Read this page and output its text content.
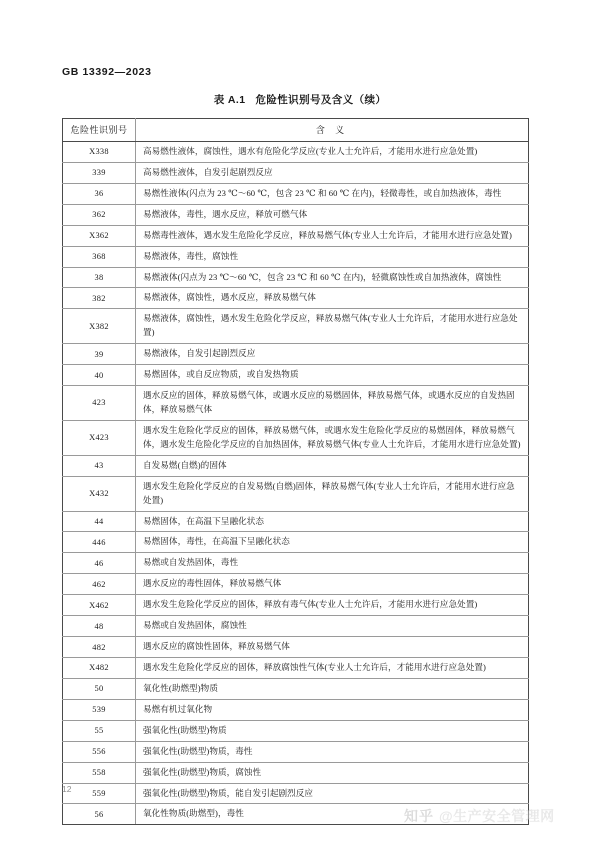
GB 13392—2023
表 A.1 危险性识别号及含义（续）
危险性识别号	含 义
X338	高易燃性液体，腐蚀性，遇水有危险化学反应(专业人士允许后，才能用水进行应急处置)
339	高易燃性液体，自发引起剧烈反应
36	易燃性液体(闪点为 23 ℃～60 ℃，包含 23 ℃ 和 60 ℃ 在内)，轻微毒性，或自加热液体，毒性
362	易燃液体，毒性，遇水反应，释放可燃气体
X362	易燃毒性液体，遇水发生危险化学反应，释放易燃气体(专业人士允许后，才能用水进行应急处置)
368	易燃液体，毒性，腐蚀性
38	易燃液体(闪点为 23 ℃～60 ℃，包含 23 ℃ 和 60 ℃ 在内)，轻微腐蚀性或自加热液体，腐蚀性
382	易燃液体，腐蚀性，遇水反应，释放易燃气体
X382	易燃液体，腐蚀性，遇水发生危险化学反应，释放易燃气体(专业人士允许后，才能用水进行应急处置)
39	易燃液体，自发引起剧烈反应
40	易燃固体，或自反应物质，或自发热物质
423	遇水反应的固体，释放易燃气体，或遇水反应的易燃固体，释放易燃气体，或遇水反应的自发热固体，释放易燃气体
X423	遇水发生危险化学反应的固体，释放易燃气体，或遇水发生危险化学反应的易燃固体，释放易燃气体，遇水发生危险化学反应的自加热固体，释放易燃气体(专业人士允许后，才能用水进行应急处置)
43	自发易燃(自燃)的固体
X432	遇水发生危险化学反应的自发易燃(自燃)固体，释放易燃气体(专业人士允许后，才能用水进行应急处置)
44	易燃固体，在高温下呈融化状态
446	易燃固体，毒性，在高温下呈融化状态
46	易燃或自发热固体，毒性
462	遇水反应的毒性固体，释放易燃气体
X462	遇水发生危险化学反应的固体，释放有毒气体(专业人士允许后，才能用水进行应急处置)
48	易燃或自发热固体，腐蚀性
482	遇水反应的腐蚀性固体，释放易燃气体
X482	遇水发生危险化学反应的固体，释放腐蚀性气体(专业人士允许后，才能用水进行应急处置)
50	氧化性(助燃型)物质
539	易燃有机过氧化物
55	强氧化性(助燃型)物质
556	强氧化性(助燃型)物质，毒性
558	强氧化性(助燃型)物质，腐蚀性
559	强氧化性(助燃型)物质，能自发引起剧烈反应
56	氧化性物质(助燃型)，毒性
12
知乎 @生产安全管理网
